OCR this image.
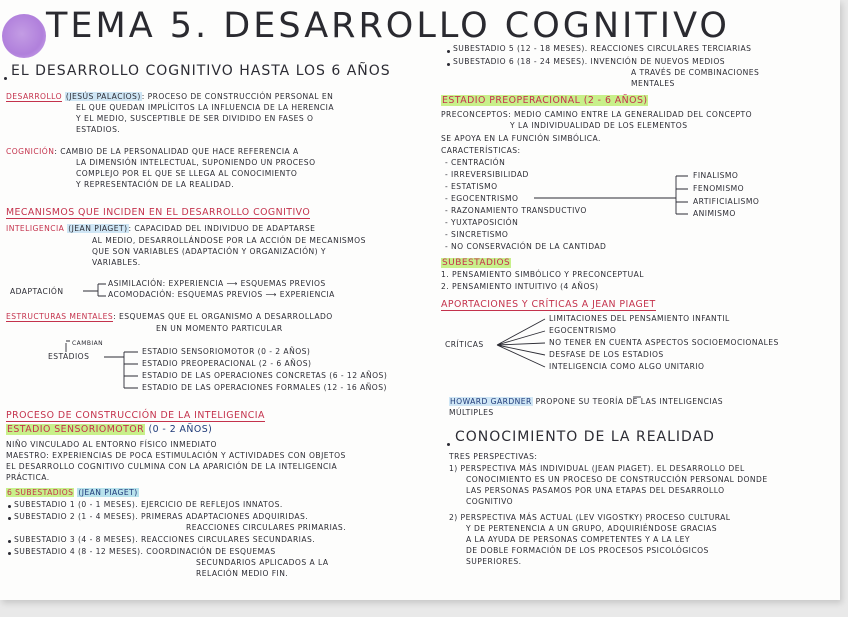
TEMA 5. DESARROLLO COGNITIVO

EL DESARROLLO COGNITIVO HASTA LOS 6 AÑOS

DESARROLLO (JESÚS PALACIOS): PROCESO DE CONSTRUCCIÓN PERSONAL EN

EL QUE QUEDAN IMPLÍCITOS LA INFLUENCIA DE LA HERENCIA

Y EL MEDIO, SUSCEPTIBLE DE SER DIVIDIDO EN FASES O

ESTADIOS.

COGNICIÓN: CAMBIO DE LA PERSONALIDAD QUE HACE REFERENCIA A

LA DIMENSIÓN INTELECTUAL, SUPONIENDO UN PROCESO

COMPLEJO POR EL QUE SE LLEGA AL CONOCIMIENTO

Y REPRESENTACIÓN DE LA REALIDAD.

MECANISMOS QUE INCIDEN EN EL DESARROLLO COGNITIVO

INTELIGENCIA (JEAN PIAGET): CAPACIDAD DEL INDIVIDUO DE ADAPTARSE

AL MEDIO, DESARROLLÁNDOSE POR LA ACCIÓN DE MECANISMOS

QUE SON VARIABLES (ADAPTACIÓN Y ORGANIZACIÓN) Y

VARIABLES.

ADAPTACIÓN

ASIMILACIÓN: EXPERIENCIA ⟶ ESQUEMAS PREVIOS

ACOMODACIÓN: ESQUEMAS PREVIOS ⟶ EXPERIENCIA

ESTRUCTURAS MENTALES: ESQUEMAS QUE EL ORGANISMO A DESARROLLADO

EN UN MOMENTO PARTICULAR

CAMBIAN

ESTADIOS

ESTADIO SENSORIOMOTOR (0 - 2 AÑOS)

ESTADIO PREOPERACIONAL (2 - 6 AÑOS)

ESTADIO DE LAS OPERACIONES CONCRETAS (6 - 12 AÑOS)

ESTADIO DE LAS OPERACIONES FORMALES (12 - 16 AÑOS)

PROCESO DE CONSTRUCCIÓN DE LA INTELIGENCIA

ESTADIO SENSORIOMOTOR (0 - 2 AÑOS)

NIÑO VINCULADO AL ENTORNO FÍSICO INMEDIATO

MAESTRO: EXPERIENCIAS DE POCA ESTIMULACIÓN Y ACTIVIDADES CON OBJETOS

EL DESARROLLO COGNITIVO CULMINA CON LA APARICIÓN DE LA INTELIGENCIA

PRÁCTICA.

6 SUBESTADIOS (JEAN PIAGET)

SUBESTADIO 1 (0 - 1 MESES). EJERCICIO DE REFLEJOS INNATOS.

SUBESTADIO 2 (1 - 4 MESES). PRIMERAS ADAPTACIONES ADQUIRIDAS.

REACCIONES CIRCULARES PRIMARIAS.

SUBESTADIO 3 (4 - 8 MESES). REACCIONES CIRCULARES SECUNDARIAS.

SUBESTADIO 4 (8 - 12 MESES). COORDINACIÓN DE ESQUEMAS

SECUNDARIOS APLICADOS A LA

RELACIÓN MEDIO FIN.

SUBESTADIO 5 (12 - 18 MESES). REACCIONES CIRCULARES TERCIARIAS

SUBESTADIO 6 (18 - 24 MESES). INVENCIÓN DE NUEVOS MEDIOS

A TRAVÉS DE COMBINACIONES

MENTALES

ESTADIO PREOPERACIONAL (2 - 6 AÑOS)

PRECONCEPTOS: MEDIO CAMINO ENTRE LA GENERALIDAD DEL CONCEPTO

Y LA INDIVIDUALIDAD DE LOS ELEMENTOS

SE APOYA EN LA FUNCIÓN SIMBÓLICA.

CARACTERÍSTICAS:

- CENTRACIÓN

- IRREVERSIBILIDAD

- ESTATISMO

- EGOCENTRISMO

- RAZONAMIENTO TRANSDUCTIVO

- YUXTAPOSICIÓN

- SINCRETISMO

- NO CONSERVACIÓN DE LA CANTIDAD

FINALISMO

FENOMISMO

ARTIFICIALISMO

ANIMISMO

SUBESTADIOS

1. PENSAMIENTO SIMBÓLICO Y PRECONCEPTUAL

2. PENSAMIENTO INTUITIVO (4 AÑOS)

APORTACIONES Y CRÍTICAS A JEAN PIAGET

CRÍTICAS

LIMITACIONES DEL PENSAMIENTO INFANTIL

EGOCENTRISMO

NO TENER EN CUENTA ASPECTOS SOCIOEMOCIONALES

DESFASE DE LOS ESTADIOS

INTELIGENCIA COMO ALGO UNITARIO

HOWARD GARDNER PROPONE SU TEORÍA DE LAS INTELIGENCIAS

MÚLTIPLES

CONOCIMIENTO DE LA REALIDAD

TRES PERSPECTIVAS:

1) PERSPECTIVA MÁS INDIVIDUAL (JEAN PIAGET). EL DESARROLLO DEL

CONOCIMIENTO ES UN PROCESO DE CONSTRUCCIÓN PERSONAL DONDE

LAS PERSONAS PASAMOS POR UNA ETAPAS DEL DESARROLLO

COGNITIVO

2) PERSPECTIVA MÁS ACTUAL (LEV VIGOSTKY) PROCESO CULTURAL

Y DE PERTENENCIA A UN GRUPO, ADQUIRIÉNDOSE GRACIAS

A LA AYUDA DE PERSONAS COMPETENTES Y A LA LEY

DE DOBLE FORMACIÓN DE LOS PROCESOS PSICOLÓGICOS

SUPERIORES.
